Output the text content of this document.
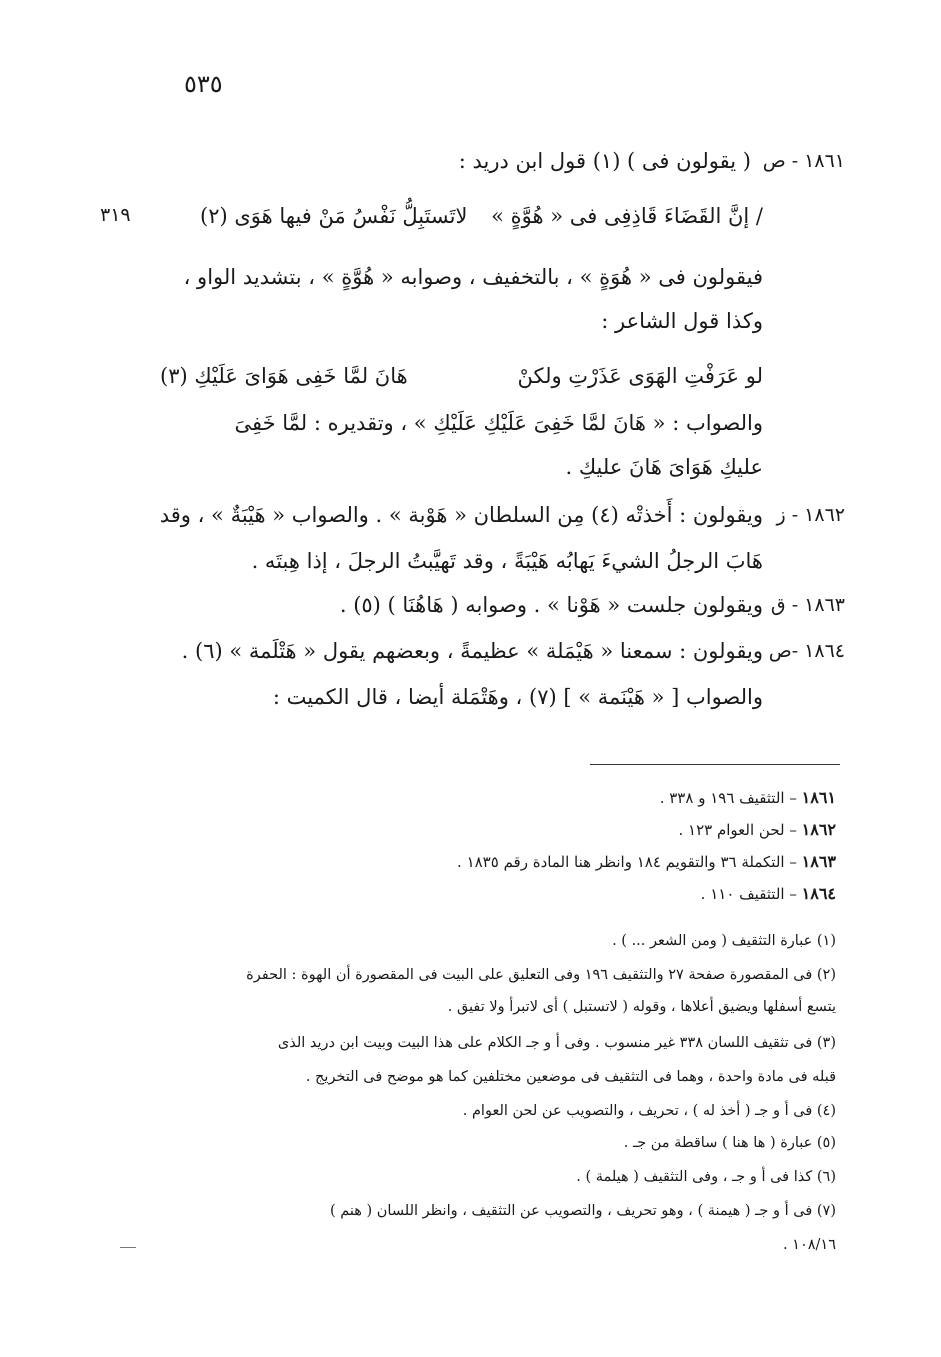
٥٣٥
١٨٦١ - ص
( يقولون فى ) (١) قول ابن دريد :
/ إنَّ القَضَاءَ قَاذِفِى فى « هُوَّةٍ »
لاتَستَبِلُّ نَفْسُ مَنْ فيها هَوَى (٢)
٣١٩
فيقولون فى « هُوَةٍ » ، بالتخفيف ، وصوابه « هُوَّةٍ » ، بتشديد الواو ،
وكذا قول الشاعر :
لو عَرَفْتِ الهَوَى عَذَرْتِ ولكنْ
هَانَ لمَّا خَفِى هَوَاىَ عَلَيْكِ (٣)
والصواب : « هَانَ لمَّا خَفِىَ عَلَيْكِ عَلَيْكِ » ، وتقديره : لمَّا خَفِىَ
عليكِ هَوَاىَ هَانَ عليكِ .
١٨٦٢ - ز
ويقولون : أَخذتْه (٤) مِن السلطان « هَوْبة » . والصواب « هَيْبَةٌ » ، وقد
هَابَ الرجلُ الشيءَ يَهابُه هَيْبَةً ، وقد تَهيَّبتُ الرجلَ ، إذا هِبتَه .
١٨٦٣ - ق
ويقولون جلست « هَوْنا » . وصوابه ( هَاهُنَا ) (٥) .
١٨٦٤ -ص
ويقولون : سمعنا « هَيْمَلة » عظيمةً ، وبعضهم يقول « هَتْلَمة » (٦) .
والصواب [ « هَيْنَمة » ] (٧) ، وهَتْمَلة أيضا ، قال الكميت :
١٨٦١ – التثقيف ١٩٦ و ٣٣٨ .
١٨٦٢ – لحن العوام ١٢٣ .
١٨٦٣ – التكملة ٣٦ والتقويم ١٨٤ وانظر هنا المادة رقم ١٨٣٥ .
١٨٦٤ – التثقيف ١١٠ .
(١) عبارة التثقيف ( ومن الشعر ... ) .
(٢) فى المقصورة صفحة ٢٧ والتثقيف ١٩٦ وفى التعليق على البيت فى المقصورة أن الهوة : الحفرة
يتسع أسفلها ويضيق أعلاها ، وقوله ( لاتستبل ) أى لاتبرأ ولا تفيق .
(٣) فى تثقيف اللسان ٣٣٨ غير منسوب . وفى أ و جـ الكلام على هذا البيت وبيت ابن دريد الذى
قبله فى مادة واحدة ، وهما فى التثقيف فى موضعين مختلفين كما هو موضح فى التخريج .
(٤) فى أ و جـ ( أخذ له ) ، تحريف ، والتصويب عن لحن العوام .
(٥) عبارة ( ها هنا ) ساقطة من جـ .
(٦) كذا فى أ و جـ ، وفى التثقيف ( هيلمة ) .
(٧) فى أ و جـ ( هيمنة ) ، وهو تحريف ، والتصويب عن التثقيف ، وانظر اللسان ( هنم )
١٠٨/١٦ .
